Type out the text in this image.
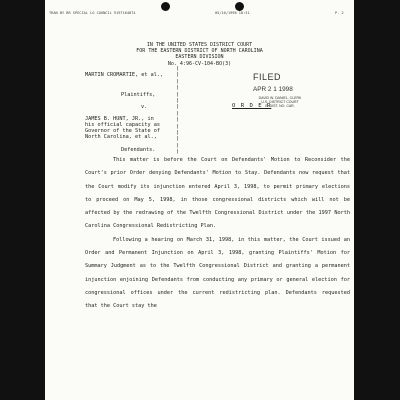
TRAN BY BR SPECIAL LG COUNCIL 9197164874	05/16/1998 18:31	P. 2
IN THE UNITED STATES DISTRICT COURT
FOR THE EASTERN DISTRICT OF NORTH CAROLINA
EASTERN DIVISION
No. 4:96-CV-104-BO(3)
MARTIN CROMARTIE, et al.,
Plaintiffs,
v.
JAMES B. HUNT, JR., in
his official capacity as
Governor of the State of
North Carolina, et al.,
Defendants.
)
)
)
)
)
)
)
)
)
)
)
)
)
)
O R D E R
FILED
APR 2 1 1998
DAVID W. DANIEL, CLERK
U.S. DISTRICT COURT
E. DIST. NO. CAR.

This matter is before the Court on Defendants' Motion to Reconsider the Court's prior Order denying Defendants' Motion to Stay. Defendants now request that the Court modify its injunction entered April 3, 1998, to permit primary elections to proceed on May 5, 1998, in those congressional districts which will not be affected by the redrawing of the Twelfth Congressional District under the 1997 North Carolina Congressional Redistricting Plan.

Following a hearing on March 31, 1998, in this matter, the Court issued an Order and Permanent Injunction on April 3, 1998, granting Plaintiffs' Motion for Summary Judgment as to the Twelfth Congressional District and granting a permanent injunction enjoining Defendants from conducting any primary or general election for congressional offices under the current redistricting plan. Defendants requested that the Court stay the
